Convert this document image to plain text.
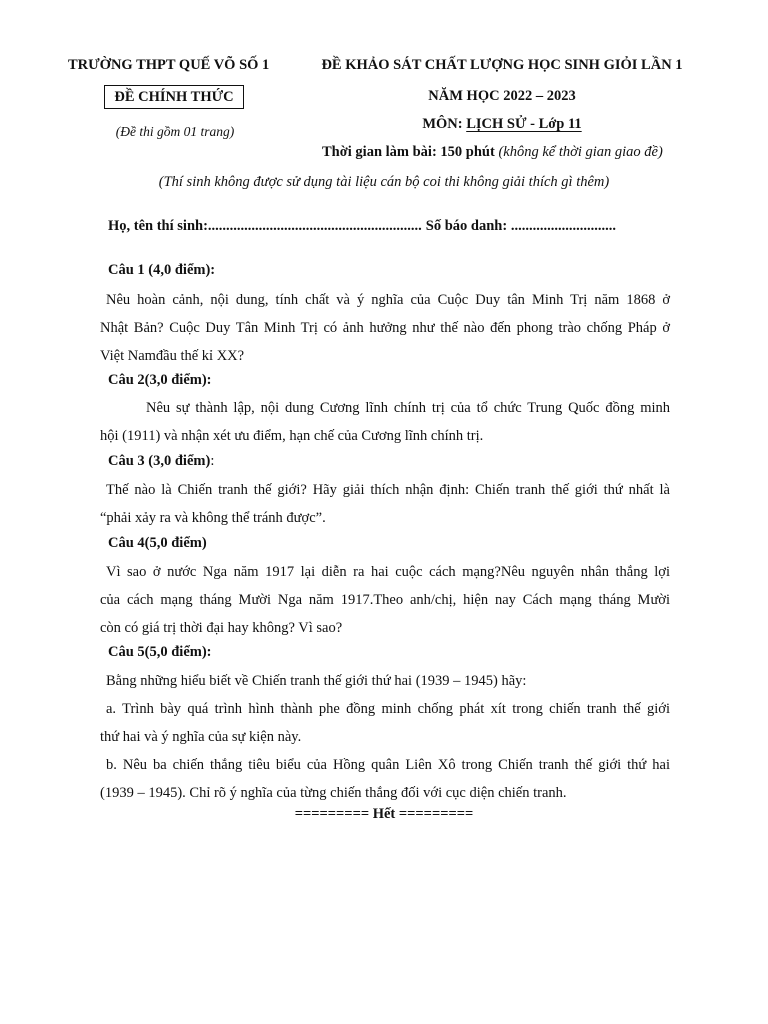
TRƯỜNG THPT QUẾ VÕ SỐ 1
ĐỀ CHÍNH THỨC
(Đề thi gồm 01 trang)
ĐỀ KHẢO SÁT CHẤT LƯỢNG HỌC SINH GIỎI LẦN 1
NĂM HỌC 2022 – 2023
MÔN: LỊCH SỬ - Lớp 11
Thời gian làm bài: 150 phút (không kể thời gian giao đề)
(Thí sinh không được sử dụng tài liệu cán bộ coi thi không giải thích gì thêm)
Họ, tên thí sinh:........................................................... Số báo danh: .............................
Câu 1 (4,0 điểm):
Nêu hoàn cảnh, nội dung, tính chất và ý nghĩa của Cuộc Duy tân Minh Trị năm 1868 ở
Nhật Bản? Cuộc Duy Tân Minh Trị có ảnh hưởng như thế nào đến phong trào chống Pháp ở
Việt Namđầu thế kỉ XX?
Câu 2(3,0 điểm):
Nêu sự thành lập, nội dung Cương lĩnh chính trị của tổ chức Trung Quốc đồng minh
hội (1911) và nhận xét ưu điểm, hạn chế của Cương lĩnh chính trị.
Câu 3 (3,0 điểm):
Thế nào là Chiến tranh thế giới? Hãy giải thích nhận định: Chiến tranh thế giới thứ nhất là
“phải xảy ra và không thể tránh được”.
Câu 4(5,0 điểm)
Vì sao ở nước Nga năm 1917 lại diễn ra hai cuộc cách mạng?Nêu nguyên nhân thắng lợi
của cách mạng tháng Mười Nga năm 1917.Theo anh/chị, hiện nay Cách mạng tháng Mười
còn có giá trị thời đại hay không? Vì sao?
Câu 5(5,0 điểm):
Bằng những hiểu biết về Chiến tranh thế giới thứ hai (1939 – 1945) hãy:
a. Trình bày quá trình hình thành phe đồng minh chống phát xít trong chiến tranh thế giới
thứ hai và ý nghĩa của sự kiện này.
b. Nêu ba chiến thắng tiêu biểu của Hồng quân Liên Xô trong Chiến tranh thế giới thứ hai
(1939 – 1945). Chỉ rõ ý nghĩa của từng chiến thắng đối với cục diện chiến tranh.
========= Hết =========
